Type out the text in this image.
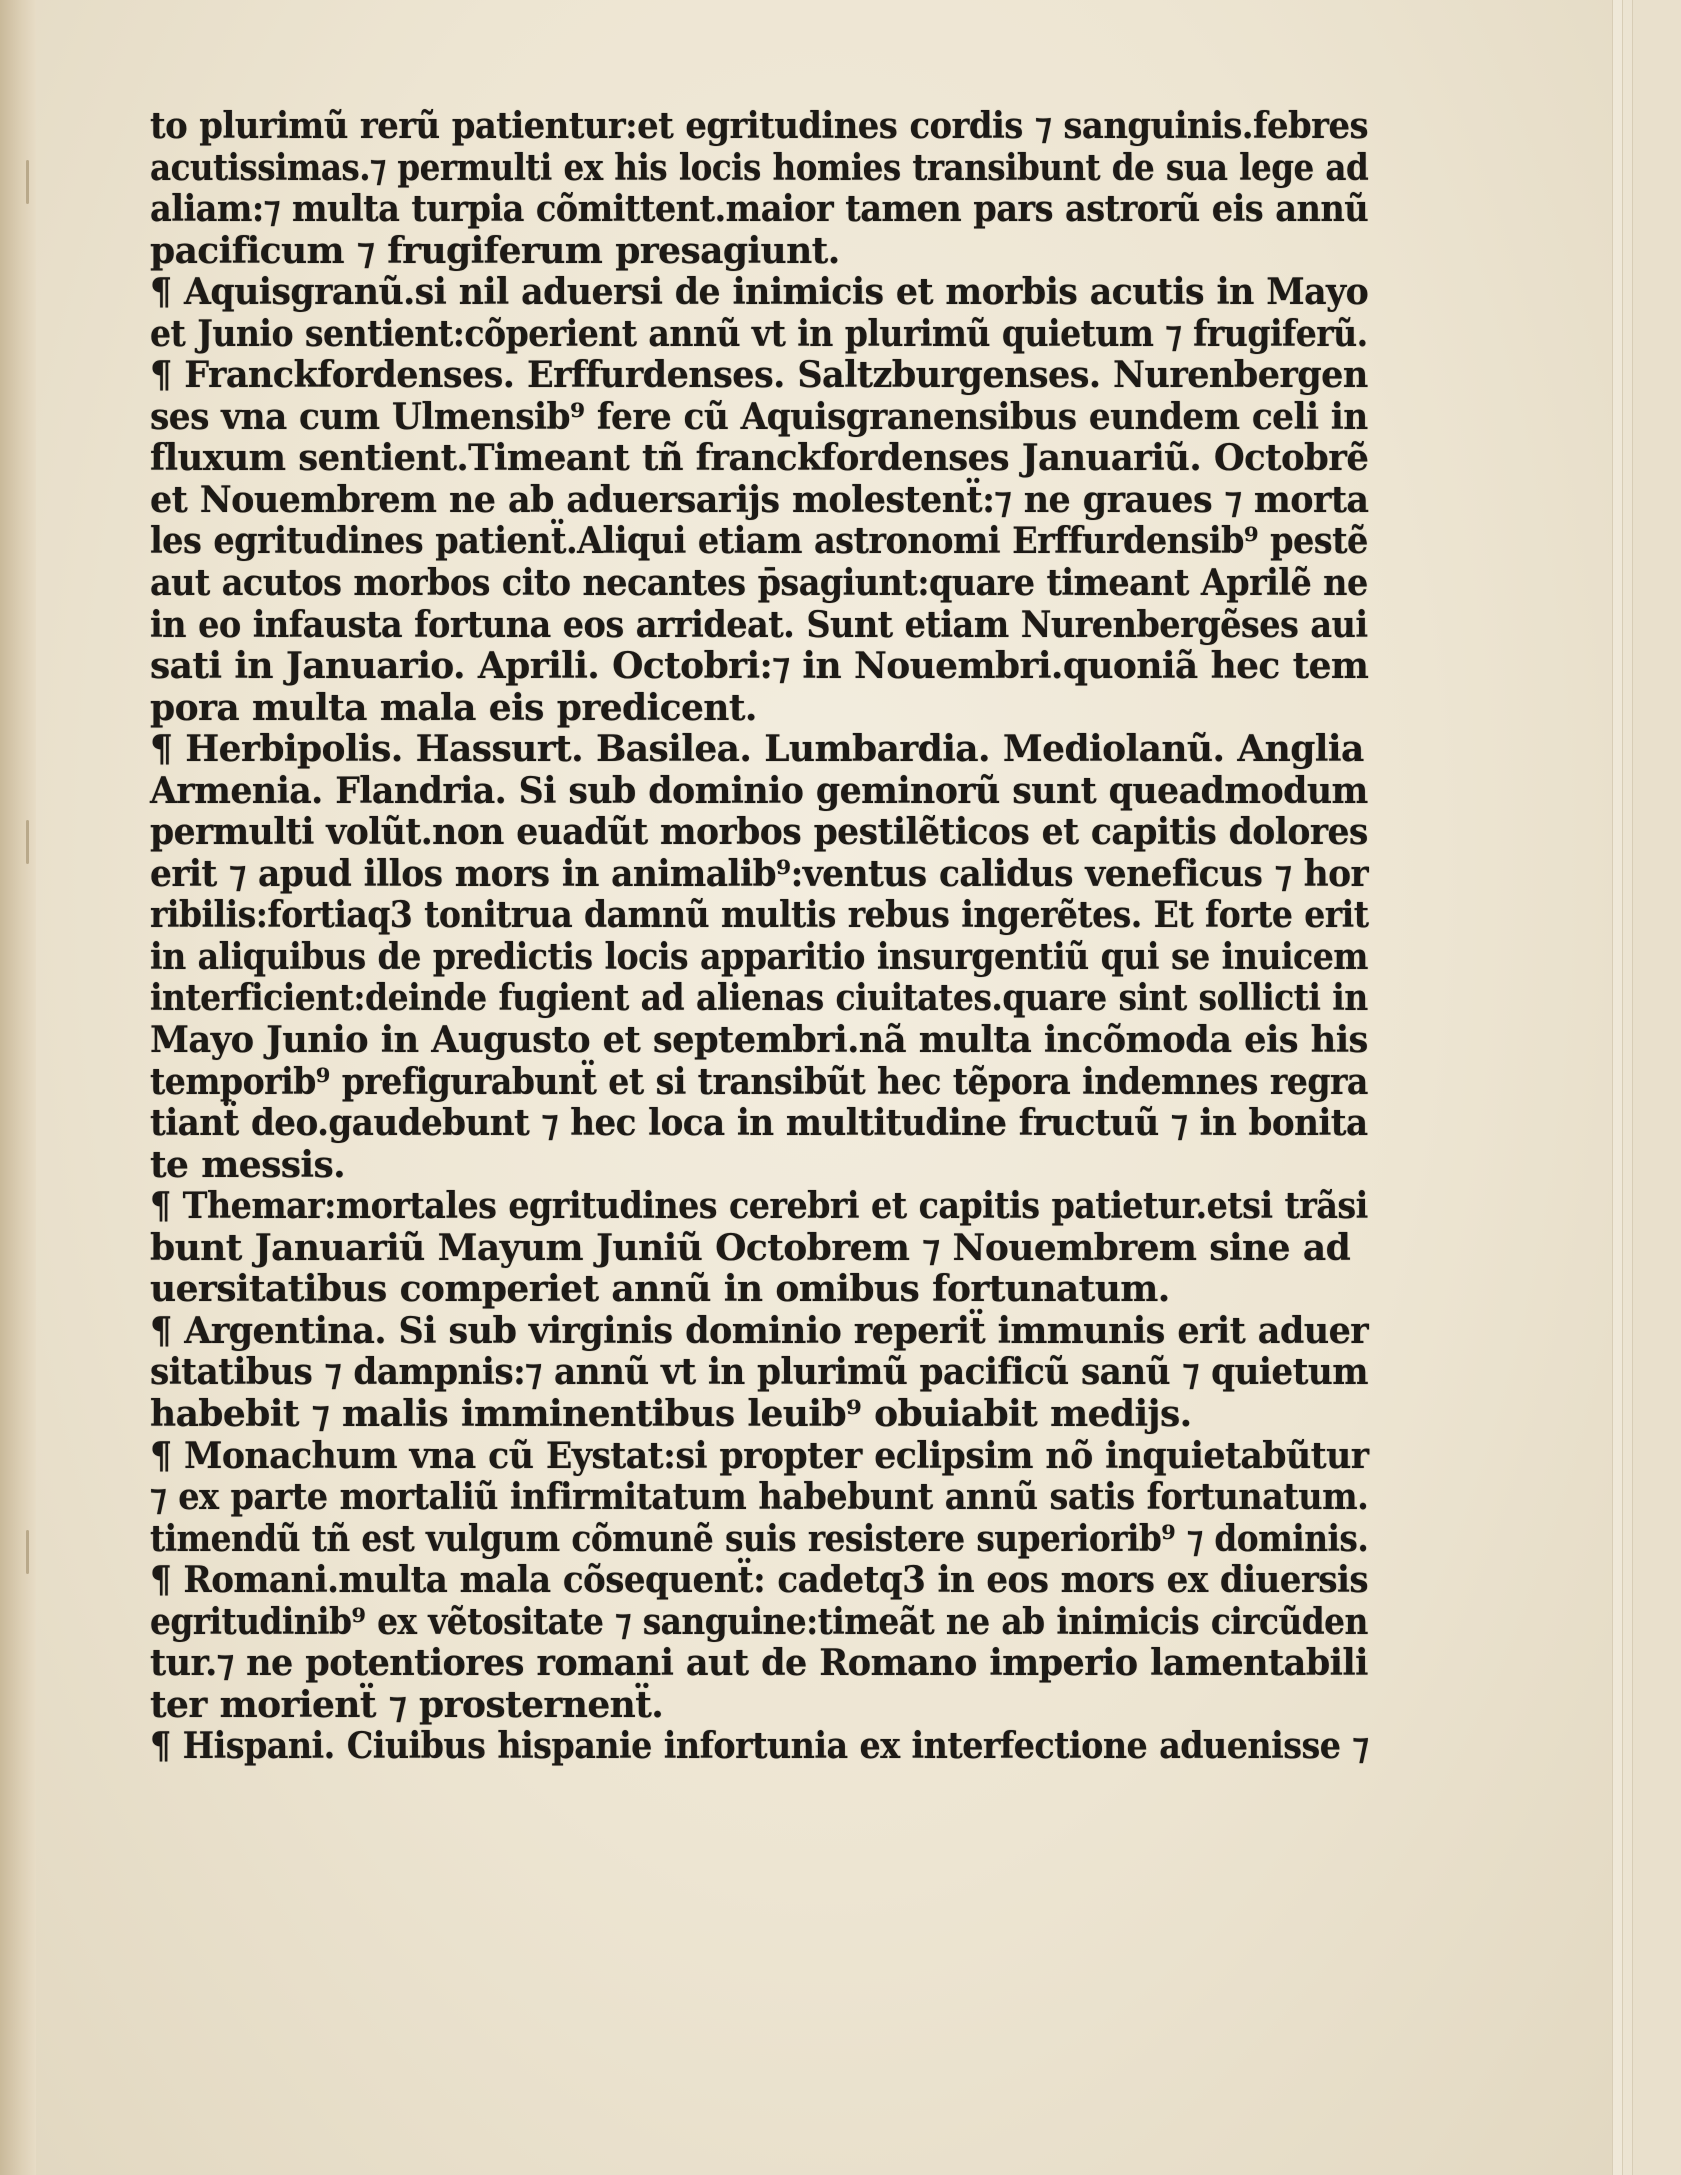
to plurimũ rerũ patientur:et egritudines cordis ⁊ sanguinis.febres
acutissimas.⁊ permulti ex his locis homies transibunt de sua lege ad
aliam:⁊ multa turpia cõmittent.maior tamen pars astrorũ eis annũ
pacificum ⁊ frugiferum presagiunt.
¶ Aquisgranũ.si nil aduersi de inimicis et morbis acutis in Mayo
et Junio sentient:cõperient annũ vt in plurimũ quietum ⁊ frugiferũ.
¶ Franckfordenses. Erffurdenses. Saltzburgenses. Nurenbergen
ses vna cum Ulmensib⁹ fere cũ Aquisgranensibus eundem celi in
fluxum sentient.Timeant tñ franckfordenses Januariũ. Octobrẽ
et Nouembrem ne ab aduersarijs molestenẗ:⁊ ne graues ⁊ morta
les egritudines patienẗ.Aliqui etiam astronomi Erffurdensib⁹ pestẽ
aut acutos morbos cito necantes p̄sagiunt:quare timeant Aprilẽ ne
in eo infausta fortuna eos arrideat. Sunt etiam Nurenbergẽses aui
sati in Januario. Aprili. Octobri:⁊ in Nouembri.quoniã hec tem
pora multa mala eis predicent.
¶ Herbipolis. Hassurt. Basilea. Lumbardia. Mediolanũ. Anglia
Armenia. Flandria. Si sub dominio geminorũ sunt queadmodum
permulti volũt.non euadũt morbos pestilẽticos et capitis dolores
erit ⁊ apud illos mors in animalib⁹:ventus calidus veneficus ⁊ hor
ribilis:fortiaq3 tonitrua damnũ multis rebus ingerẽtes. Et forte erit
in aliquibus de predictis locis apparitio insurgentiũ qui se inuicem
interficient:deinde fugient ad alienas ciuitates.quare sint sollicti in
Mayo Junio in Augusto et septembri.nã multa incõmoda eis his
temporib⁹ prefigurabunẗ et si transibũt hec tẽpora indemnes regra
tianẗ deo.gaudebunt ⁊ hec loca in multitudine fructuũ ⁊ in bonita
te messis.
¶ Themar:mortales egritudines cerebri et capitis patietur.etsi trãsi
bunt Januariũ Mayum Juniũ Octobrem ⁊ Nouembrem sine ad
uersitatibus comperiet annũ in omibus fortunatum.
¶ Argentina. Si sub virginis dominio reperiẗ immunis erit aduer
sitatibus ⁊ dampnis:⁊ annũ vt in plurimũ pacificũ sanũ ⁊ quietum
habebit ⁊ malis imminentibus leuib⁹ obuiabit medijs.
¶ Monachum vna cũ Eystat:si propter eclipsim nõ inquietabũtur
⁊ ex parte mortaliũ infirmitatum habebunt annũ satis fortunatum.
timendũ tñ est vulgum cõmunẽ suis resistere superiorib⁹ ⁊ dominis.
¶ Romani.multa mala cõsequenẗ: cadetq3 in eos mors ex diuersis
egritudinib⁹ ex vẽtositate ⁊ sanguine:timeãt ne ab inimicis circũden
tur.⁊ ne potentiores romani aut de Romano imperio lamentabili
ter morienẗ ⁊ prosternenẗ.
¶ Hispani. Ciuibus hispanie infortunia ex interfectione aduenisse ⁊
